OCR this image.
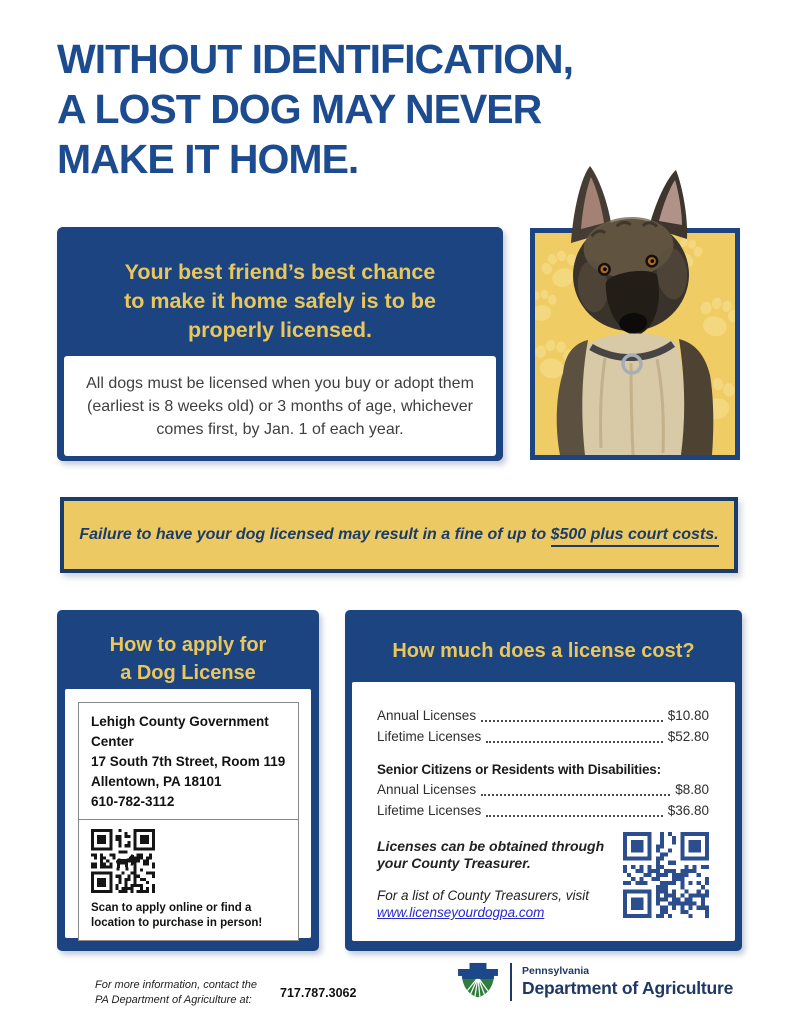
WITHOUT IDENTIFICATION,
A LOST DOG MAY NEVER
MAKE IT HOME.
Your best friend’s best chance
to make it home safely is to be
properly licensed.
All dogs must be licensed when you buy or adopt them (earliest is 8 weeks old) or 3 months of age, whichever comes first, by Jan. 1 of each year.
Failure to have your dog licensed may result in a fine of up to $500 plus court costs.
How to apply for
a Dog License
Lehigh County Government Center
17 South 7th Street, Room 119
Allentown, PA 18101
610-782-3112
Scan to apply online or find a location to purchase in person!
How much does a license cost?
Annual Licenses	$10.80
Lifetime Licenses	$52.80
Senior Citizens or Residents with Disabilities:
Annual Licenses	$8.80
Lifetime Licenses	$36.80
Licenses can be obtained through
your County Treasurer.
For a list of County Treasurers, visit
www.licenseyourdogpa.com
For more information, contact the
PA Department of Agriculture at:	717.787.3062
Pennsylvania
Department of Agriculture
